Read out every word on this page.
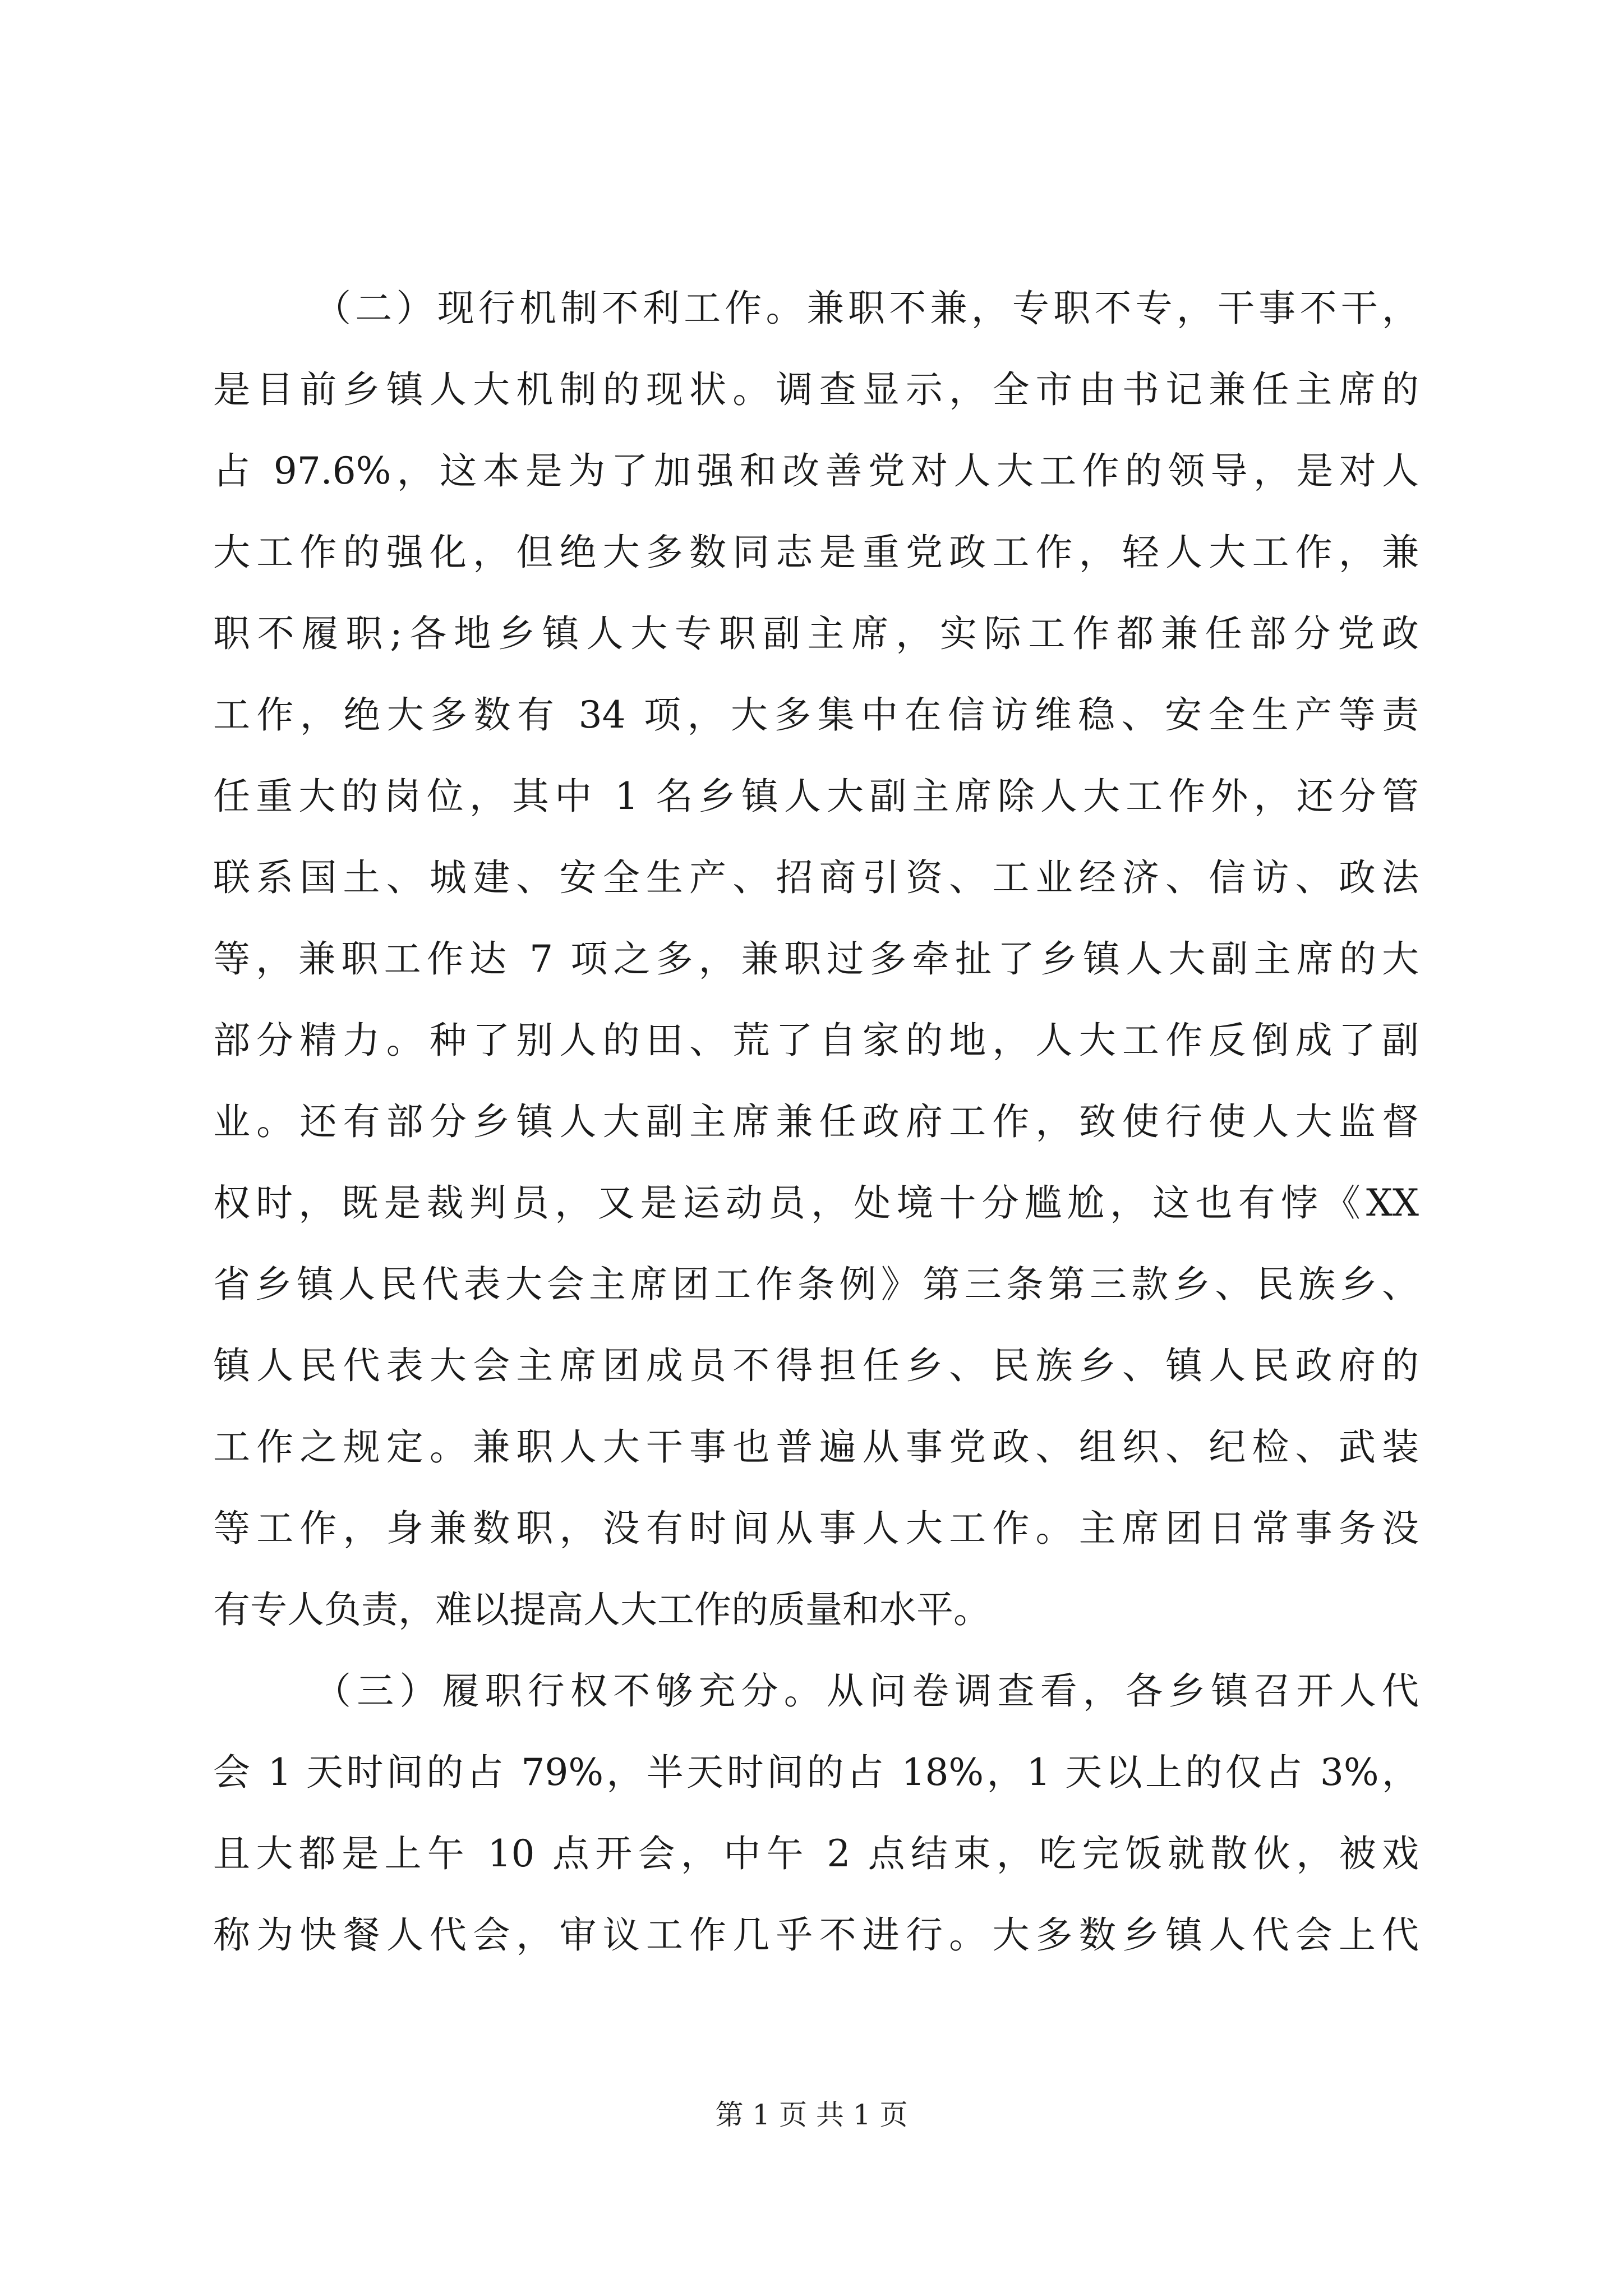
（二）现行机制不利工作。兼职不兼，专职不专，干事不干，
是目前乡镇人大机制的现状。调查显示，全市由书记兼任主席的
占 97.6%，这本是为了加强和改善党对人大工作的领导，是对人
大工作的强化，但绝大多数同志是重党政工作，轻人大工作，兼
职不履职;各地乡镇人大专职副主席，实际工作都兼任部分党政
工作，绝大多数有 34 项，大多集中在信访维稳、安全生产等责
任重大的岗位，其中 1 名乡镇人大副主席除人大工作外，还分管
联系国土、城建、安全生产、招商引资、工业经济、信访、政法
等，兼职工作达 7 项之多，兼职过多牵扯了乡镇人大副主席的大
部分精力。种了别人的田、荒了自家的地，人大工作反倒成了副
业。还有部分乡镇人大副主席兼任政府工作，致使行使人大监督
权时，既是裁判员，又是运动员，处境十分尴尬，这也有悖《XX
省乡镇人民代表大会主席团工作条例》第三条第三款乡、民族乡、
镇人民代表大会主席团成员不得担任乡、民族乡、镇人民政府的
工作之规定。兼职人大干事也普遍从事党政、组织、纪检、武装
等工作，身兼数职，没有时间从事人大工作。主席团日常事务没
有专人负责，难以提高人大工作的质量和水平。
（三）履职行权不够充分。从问卷调查看，各乡镇召开人代
会 1 天时间的占 79%，半天时间的占 18%，1 天以上的仅占 3%，
且大都是上午 10 点开会，中午 2 点结束，吃完饭就散伙，被戏
称为快餐人代会，审议工作几乎不进行。大多数乡镇人代会上代
第 1 页 共 1 页
